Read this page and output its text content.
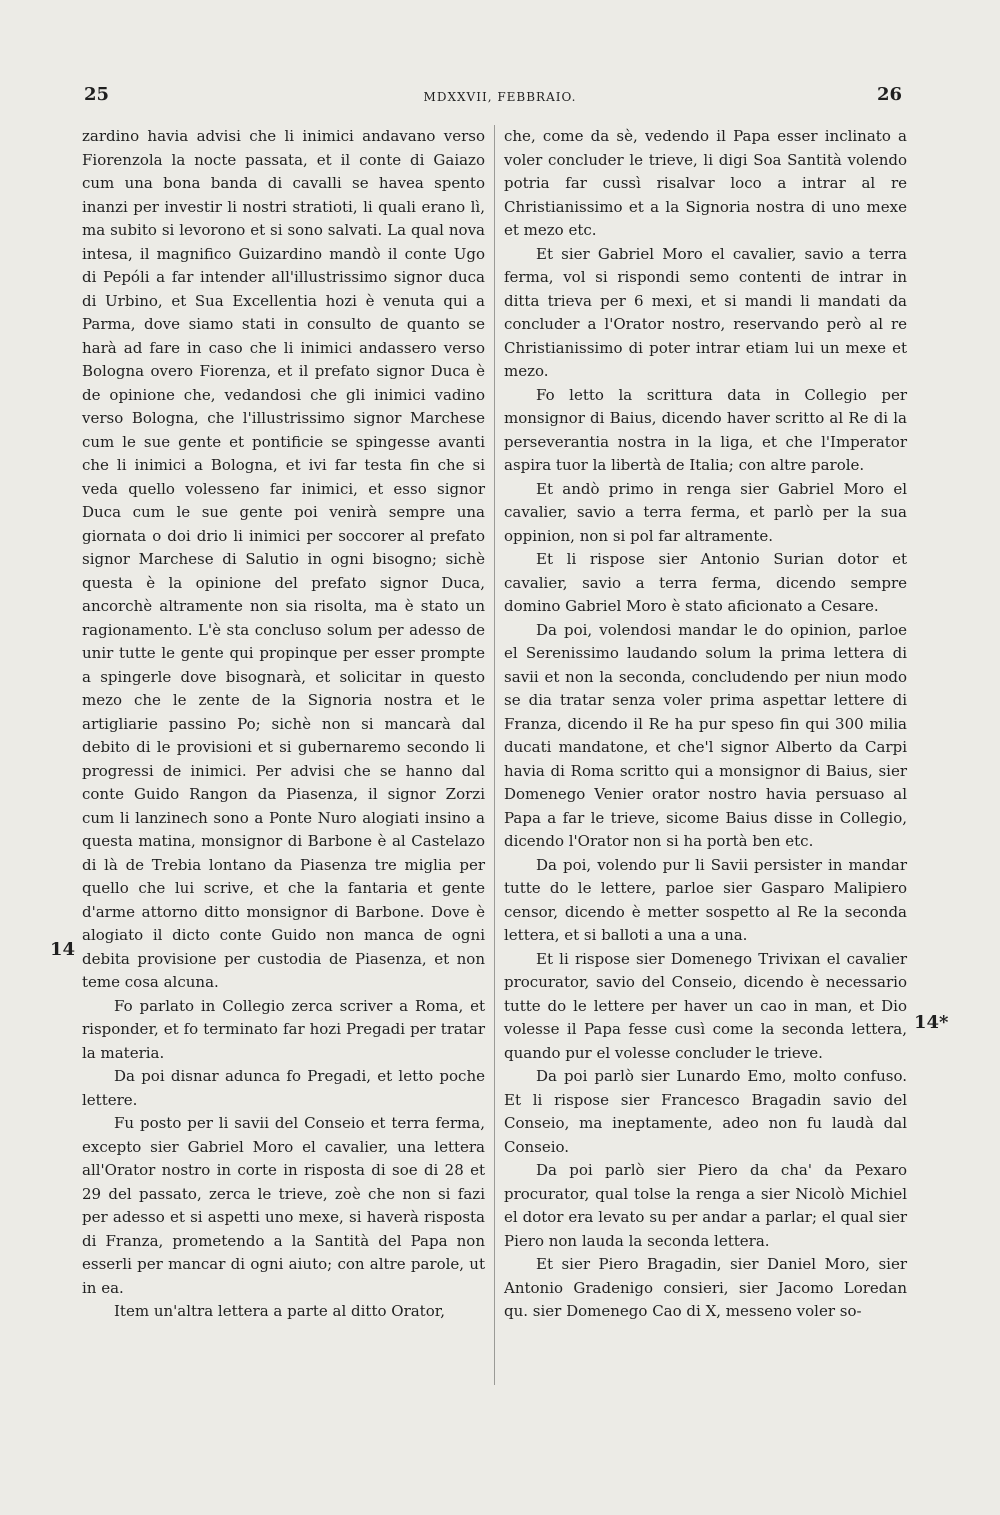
25	MDXXVII, FEBBRAIO.	26
14
14*

zardino havia advisi che li inimici andavano verso Fiorenzola la nocte passata, et il conte di Gaiazo cum una bona banda di cavalli se havea spento inanzi per investir li nostri stratioti, li quali erano lì, ma subito si levorono et si sono salvati. La qual nova intesa, il magnifico Guizardino mandò il conte Ugo di Pepóli a far intender all'illustrissimo signor duca di Urbino, et Sua Excellentia hozi è venuta qui a Parma, dove siamo stati in consulto de quanto se harà ad fare in caso che li inimici andassero verso Bologna overo Fiorenza, et il prefato signor Duca è de opinione che, vedandosi che gli inimici vadino verso Bologna, che l'illustrissimo signor Marchese cum le sue gente et pontificie se spingesse avanti che li inimici a Bologna, et ivi far testa fin che si veda quello volesseno far inimici, et esso signor Duca cum le sue gente poi venirà sempre una giornata o doi drio li inimici per soccorer al prefato signor Marchese di Salutio in ogni bisogno; sichè questa è la opinione del prefato signor Duca, ancorchè altramente non sia risolta, ma è stato un ragionamento. L'è sta concluso solum per adesso de unir tutte le gente qui propinque per esser prompte a spingerle dove bisognarà, et solicitar in questo mezo che le zente de la Signoria nostra et le artigliarie passino Po; sichè non si mancarà dal debito di le provisioni et si gubernaremo secondo li progressi de inimici. Per advisi che se hanno dal conte Guido Rangon da Piasenza, il signor Zorzi cum li lanzinech sono a Ponte Nuro alogiati insino a questa matina, monsignor di Barbone è al Castelazo di là de Trebia lontano da Piasenza tre miglia per quello che lui scrive, et che la fantaria et gente d'arme attorno ditto monsignor di Barbone. Dove è alogiato il dicto conte Guido non manca de ogni debita provisione per custodia de Piasenza, et non teme cosa alcuna.

Fo parlato in Collegio zerca scriver a Roma, et risponder, et fo terminato far hozi Pregadi per tratar la materia.

Da poi disnar adunca fo Pregadi, et letto poche lettere.

Fu posto per li savii del Conseio et terra ferma, excepto sier Gabriel Moro el cavalier, una lettera all'Orator nostro in corte in risposta di soe di 28 et 29 del passato, zerca le trieve, zoè che non si fazi per adesso et si aspetti uno mexe, si haverà risposta di Franza, prometendo a la Santità del Papa non esserli per mancar di ogni aiuto; con altre parole, ut in ea.

Item un'altra lettera a parte al ditto Orator,

che, come da sè, vedendo il Papa esser inclinato a voler concluder le trieve, li digi Soa Santità volendo potria far cussì risalvar loco a intrar al re Christianissimo et a la Signoria nostra di uno mexe et mezo etc.

Et sier Gabriel Moro el cavalier, savio a terra ferma, vol si rispondi semo contenti de intrar in ditta trieva per 6 mexi, et si mandi li mandati da concluder a l'Orator nostro, reservando però al re Christianissimo di poter intrar etiam lui un mexe et mezo.

Fo letto la scrittura data in Collegio per monsignor di Baius, dicendo haver scritto al Re di la perseverantia nostra in la liga, et che l'Imperator aspira tuor la libertà de Italia; con altre parole.

Et andò primo in renga sier Gabriel Moro el cavalier, savio a terra ferma, et parlò per la sua oppinion, non si pol far altramente.

Et li rispose sier Antonio Surian dotor et cavalier, savio a terra ferma, dicendo sempre domino Gabriel Moro è stato aficionato a Cesare.

Da poi, volendosi mandar le do opinion, parloe el Serenissimo laudando solum la prima lettera di savii et non la seconda, concludendo per niun modo se dia tratar senza voler prima aspettar lettere di Franza, dicendo il Re ha pur speso fin qui 300 milia ducati mandatone, et che'l signor Alberto da Carpi havia di Roma scritto qui a monsignor di Baius, sier Domenego Venier orator nostro havia persuaso al Papa a far le trieve, sicome Baius disse in Collegio, dicendo l'Orator non si ha portà ben etc.

Da poi, volendo pur li Savii persister in mandar tutte do le lettere, parloe sier Gasparo Malipiero censor, dicendo è metter sospetto al Re la seconda lettera, et si balloti a una a una.

Et li rispose sier Domenego Trivixan el cavalier procurator, savio del Conseio, dicendo è necessario tutte do le lettere per haver un cao in man, et Dio volesse il Papa fesse cusì come la seconda lettera, quando pur el volesse concluder le trieve.

Da poi parlò sier Lunardo Emo, molto confuso. Et li rispose sier Francesco Bragadin savio del Conseio, ma ineptamente, adeo non fu laudà dal Conseio.

Da poi parlò sier Piero da cha' da Pexaro procurator, qual tolse la renga a sier Nicolò Michiel el dotor era levato su per andar a parlar; el qual sier Piero non lauda la seconda lettera.

Et sier Piero Bragadin, sier Daniel Moro, sier Antonio Gradenigo consieri, sier Jacomo Loredan qu. sier Domenego Cao di X, messeno voler so-
